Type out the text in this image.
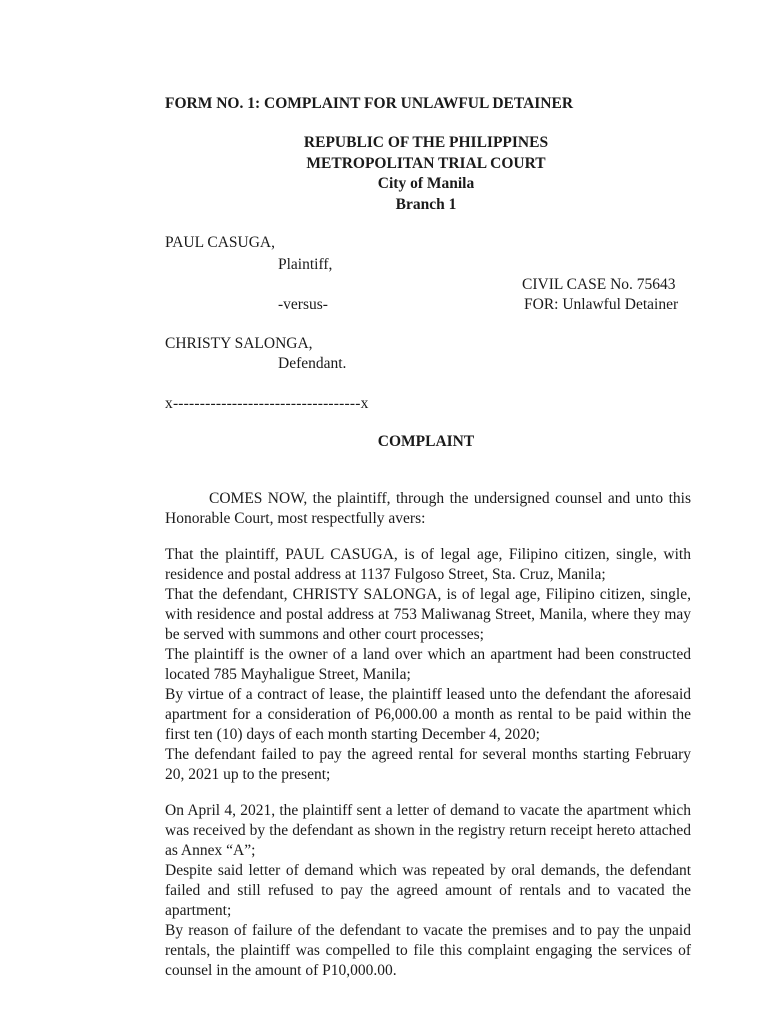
FORM NO. 1: COMPLAINT FOR UNLAWFUL DETAINER
REPUBLIC OF THE PHILIPPINES
METROPOLITAN TRIAL COURT
City of Manila
Branch 1
PAUL CASUGA,
Plaintiff,
CIVIL CASE No. 75643
-versus-	FOR: Unlawful Detainer
CHRISTY SALONGA,
Defendant.
x-----------------------------------x
COMPLAINT

COMES NOW, the plaintiff, through the undersigned counsel and unto this Honorable Court, most respectfully avers:

That the plaintiff, PAUL CASUGA, is of legal age, Filipino citizen, single, with residence and postal address at 1137 Fulgoso Street, Sta. Cruz, Manila;

That the defendant, CHRISTY SALONGA, is of legal age, Filipino citizen, single, with residence and postal address at 753 Maliwanag Street, Manila, where they may be served with summons and other court processes;

The plaintiff is the owner of a land over which an apartment had been constructed located 785 Mayhaligue Street, Manila;

By virtue of a contract of lease, the plaintiff leased unto the defendant the aforesaid apartment for a consideration of P6,000.00 a month as rental to be paid within the first ten (10) days of each month starting December 4, 2020;

The defendant failed to pay the agreed rental for several months starting February 20, 2021 up to the present;

On April 4, 2021, the plaintiff sent a letter of demand to vacate the apartment which was received by the defendant as shown in the registry return receipt hereto attached as Annex “A”;

Despite said letter of demand which was repeated by oral demands, the defendant failed and still refused to pay the agreed amount of rentals and to vacated the apartment;

By reason of failure of the defendant to vacate the premises and to pay the unpaid rentals, the plaintiff was compelled to file this complaint engaging the services of counsel in the amount of P10,000.00.
